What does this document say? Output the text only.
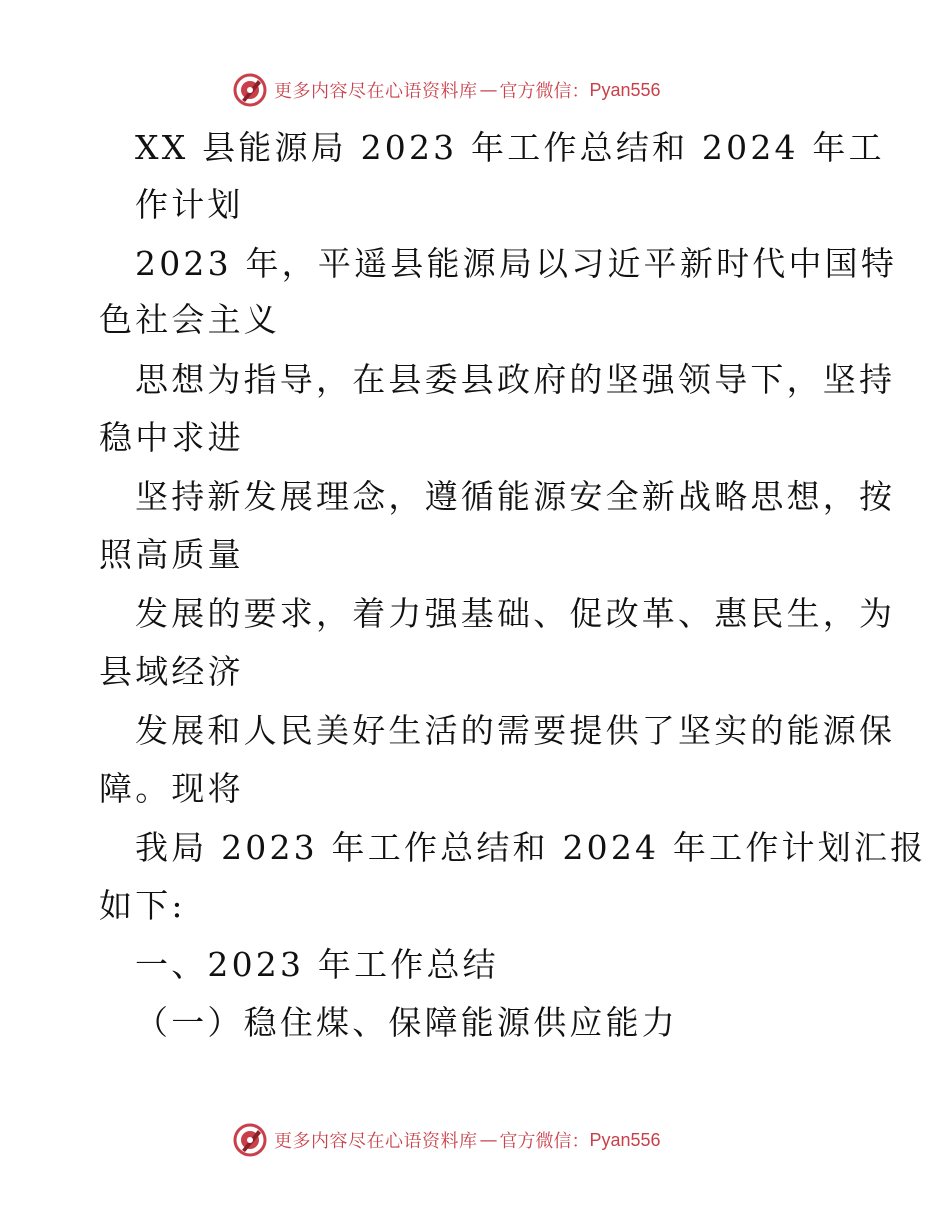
更多内容尽在心语资料库 — 官方微信： Pyan556
XX 县能源局 2023 年工作总结和 2024 年工
作计划
2023 年，平遥县能源局以习近平新时代中国特
色社会主义
思想为指导，在县委县政府的坚强领导下，坚持
稳中求进
坚持新发展理念，遵循能源安全新战略思想，按
照高质量
发展的要求，着力强基础、促改革、惠民生，为
县域经济
发展和人民美好生活的需要提供了坚实的能源保
障。现将
我局 2023 年工作总结和 2024 年工作计划汇报
如下:
一、2023 年工作总结
（一）稳住煤、保障能源供应能力
更多内容尽在心语资料库 — 官方微信： Pyan556
